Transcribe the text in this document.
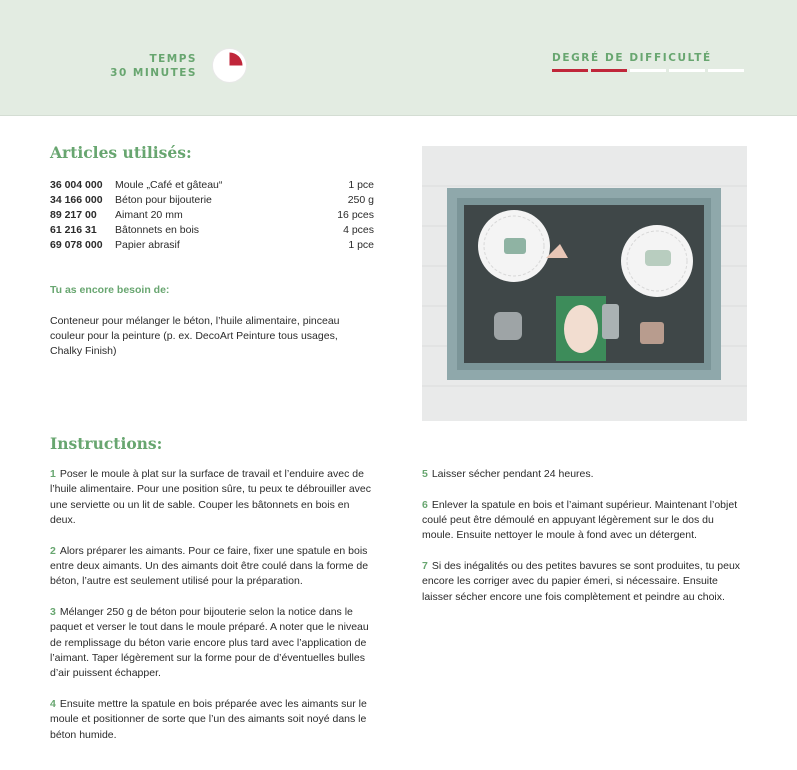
TEMPS
30 MINUTES
DEGRÉ DE DIFFICULTÉ
Articles utilisés:
36 004 000	Moule „Café et gâteau“	1 pce
34 166 000	Béton pour bijouterie	250 g
89 217 00	Aimant 20 mm	16 pces
61 216 31	Bâtonnets en bois	4 pces
69 078 000	Papier abrasif	1 pce
Tu as encore besoin de:
Conteneur pour mélanger le béton, l’huile alimentaire, pinceau couleur pour la peinture (p. ex. DecoArt Peinture tous usages, Chalky Finish)
Instructions:

1 Poser le moule à plat sur la surface de travail et l’enduire avec de l’huile alimentaire. Pour une position sûre, tu peux te débrouiller avec une serviette ou un lit de sable. Couper les bâtonnets en bois en deux.

2 Alors préparer les aimants. Pour ce faire, fixer une spatule en bois entre deux aimants. Un des aimants doit être coulé dans la forme de béton, l’autre est seulement utilisé pour la préparation.

3 Mélanger 250 g de béton pour bijouterie selon la notice dans le paquet et verser le tout dans le moule préparé. A noter que le niveau de remplissage du béton varie encore plus tard avec l’application de l’aimant. Taper légèrement sur la forme pour de d’éventuelles bulles d’air puissent échapper.

4 Ensuite mettre la spatule en bois préparée avec les aimants sur le moule et positionner de sorte que l’un des aimants soit noyé dans le béton humide.

5 Laisser sécher pendant 24 heures.

6 Enlever la spatule en bois et l’aimant supérieur. Maintenant l’objet coulé peut être démoulé en appuyant légèrement sur le dos du moule. Ensuite nettoyer le moule à fond avec un détergent.

7 Si des inégalités ou des petites bavures se sont produites, tu peux encore les corriger avec du papier émeri, si nécessaire. Ensuite laisser sécher encore une fois complètement et peindre au choix.
